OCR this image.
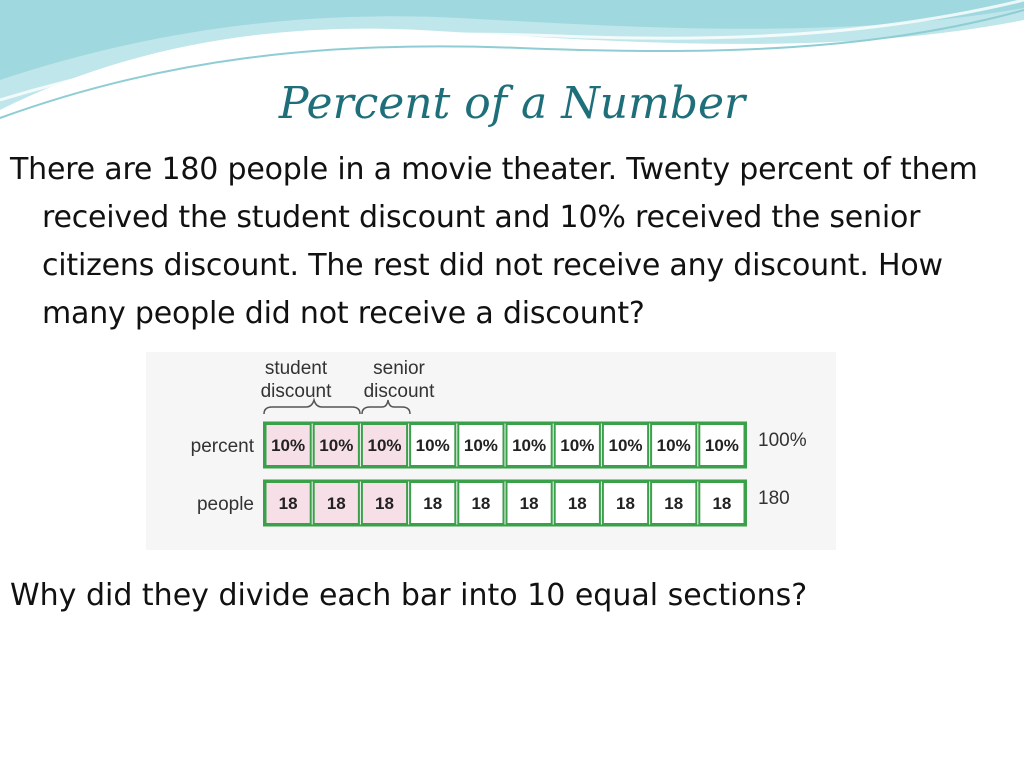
Percent of a Number
There are 180 people in a movie theater. Twenty percent of them received the student discount and 10% received the senior citizens discount. The rest did not receive any discount. How many people did not receive a discount?
student
discount
senior
discount
percent 10% 10% 10% 10% 10% 10% 10% 10% 10% 10% 100%
people 18 18 18 18 18 18 18 18 18 18 180
Why did they divide each bar into 10 equal sections?
